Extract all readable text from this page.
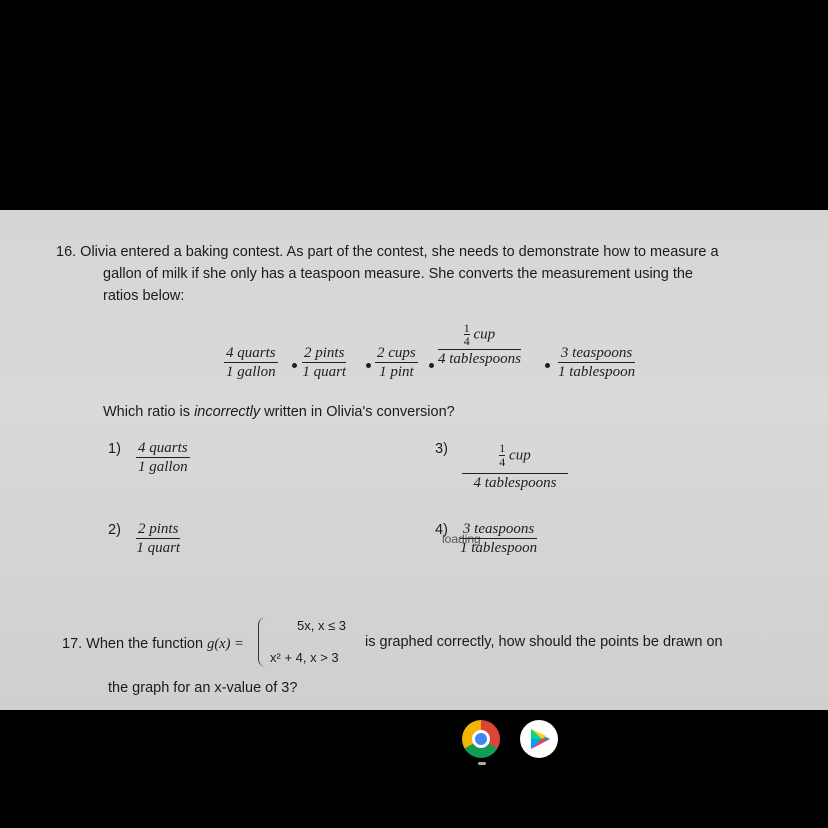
16. Olivia entered a baking contest. As part of the contest, she needs to demonstrate how to measure a
gallon of milk if she only has a teaspoon measure. She converts the measurement using the
ratios below:
4 quarts
1 gallon
2 pints
1 quart
2 cups
1 pint
$\frac{1}{4}$ cup
4 tablespoons	3 teaspoons
1 tablespoon
Which ratio is incorrectly written in Olivia's conversion?
1) 4 quarts
1 gallon
3)	$\frac{1}{4}$ cup
4 tablespoons
2) 2 pints
1 quart
4)
loading
3 teaspoons
1 tablespoon
17. When the function g(x) =
5x, x ≤ 3
x² + 4, x > 3
is graphed correctly, how should the points be drawn on
the graph for an x-value of 3?
